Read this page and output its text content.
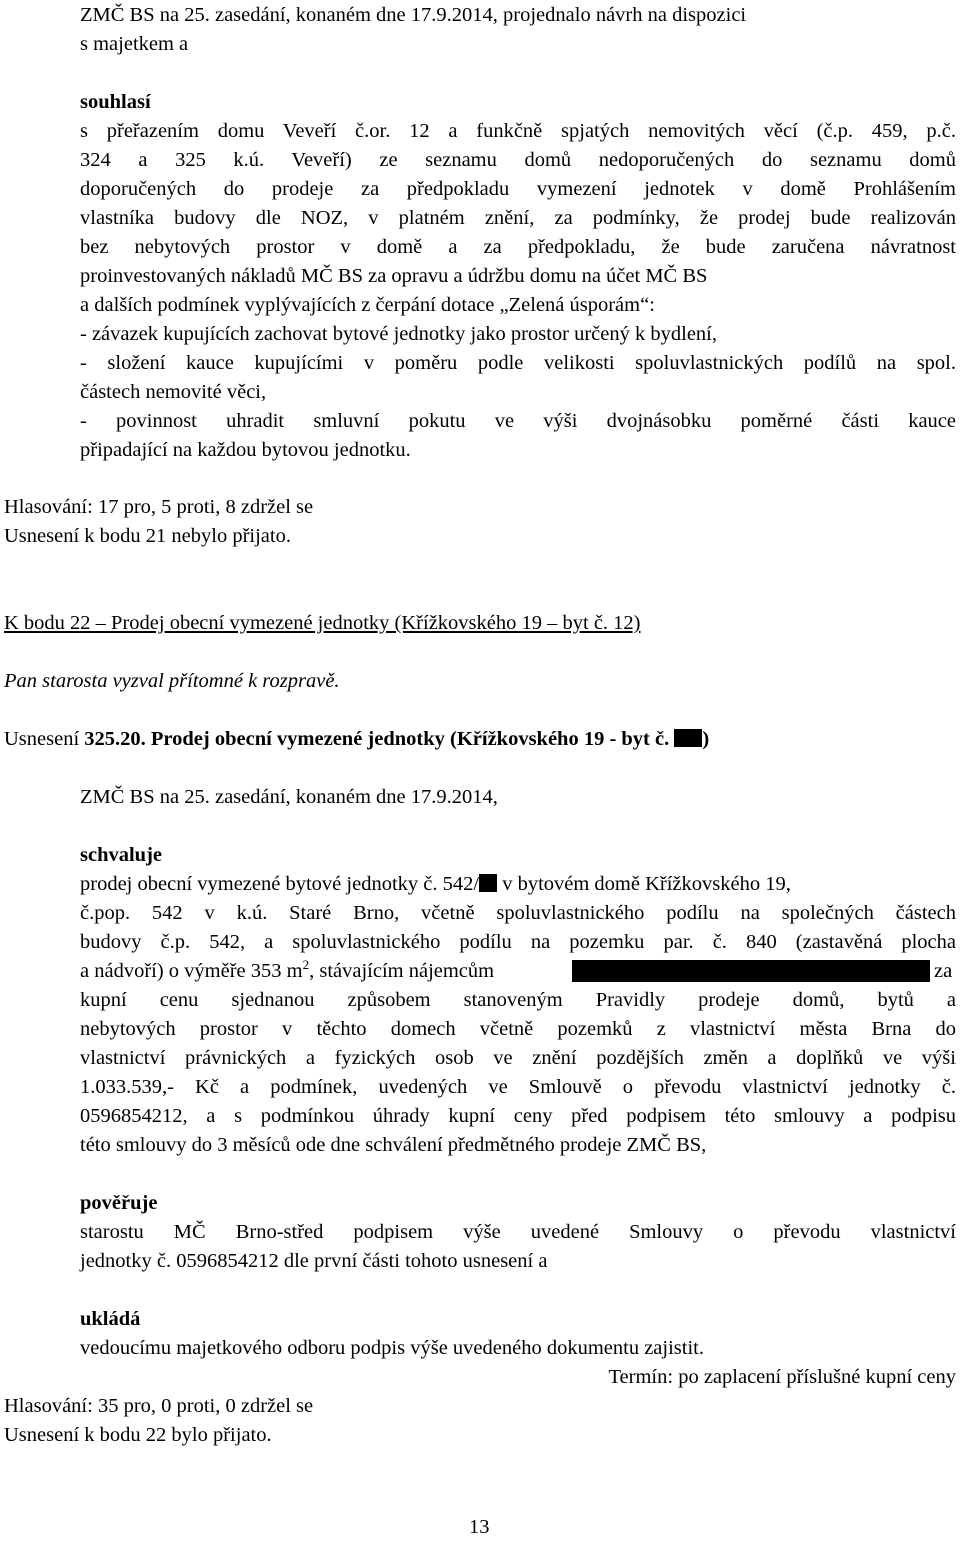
ZMČ BS na 25. zasedání, konaném dne 17.9.2014, projednalo návrh na dispozici
s majetkem a
souhlasí
s přeřazením domu Veveří č.or. 12 a funkčně spjatých nemovitých věcí (č.p. 459, p.č.
324 a 325 k.ú. Veveří) ze seznamu domů nedoporučených do seznamu domů
doporučených do prodeje za předpokladu vymezení jednotek v domě Prohlášením
vlastníka budovy dle NOZ, v platném znění, za podmínky, že prodej bude realizován
bez nebytových prostor v domě a za předpokladu, že bude zaručena návratnost
proinvestovaných nákladů MČ BS za opravu a údržbu domu na účet MČ BS
a dalších podmínek vyplývajících z čerpání dotace „Zelená úsporám“:
- závazek kupujících zachovat bytové jednotky jako prostor určený k bydlení,
- složení kauce kupujícími v poměru podle velikosti spoluvlastnických podílů na spol.
částech nemovité věci,
- povinnost uhradit smluvní pokutu ve výši dvojnásobku poměrné části kauce
připadající na každou bytovou jednotku.
Hlasování: 17 pro, 5 proti, 8 zdržel se
Usnesení k bodu 21 nebylo přijato.
K bodu 22 – Prodej obecní vymezené jednotky (Křížkovského 19 – byt č. 12)
Pan starosta vyzval přítomné k rozpravě.
Usnesení 325.20. Prodej obecní vymezené jednotky (Křížkovského 19 - byt č. )
ZMČ BS na 25. zasedání, konaném dne 17.9.2014,
schvaluje
prodej obecní vymezené bytové jednotky č. 542/ v bytovém domě Křížkovského 19,
č.pop. 542 v k.ú. Staré Brno, včetně spoluvlastnického podílu na společných částech
budovy č.p. 542, a spoluvlastnického podílu na pozemku par. č. 840 (zastavěná plocha
a nádvoří) o výměře 353 $m^2$, stávajícím nájemcům	za
kupní cenu sjednanou způsobem stanoveným Pravidly prodeje domů, bytů a
nebytových prostor v těchto domech včetně pozemků z vlastnictví města Brna do
vlastnictví právnických a fyzických osob ve znění pozdějších změn a doplňků ve výši
1.033.539,- Kč a podmínek, uvedených ve Smlouvě o převodu vlastnictví jednotky č.
0596854212, a s podmínkou úhrady kupní ceny před podpisem této smlouvy a podpisu
této smlouvy do 3 měsíců ode dne schválení předmětného prodeje ZMČ BS,
pověřuje
starostu MČ Brno-střed podpisem výše uvedené Smlouvy o převodu vlastnictví
jednotky č. 0596854212 dle první části tohoto usnesení a
ukládá
vedoucímu majetkového odboru podpis výše uvedeného dokumentu zajistit.
Termín: po zaplacení příslušné kupní ceny
Hlasování: 35 pro, 0 proti, 0 zdržel se
Usnesení k bodu 22 bylo přijato.
13
